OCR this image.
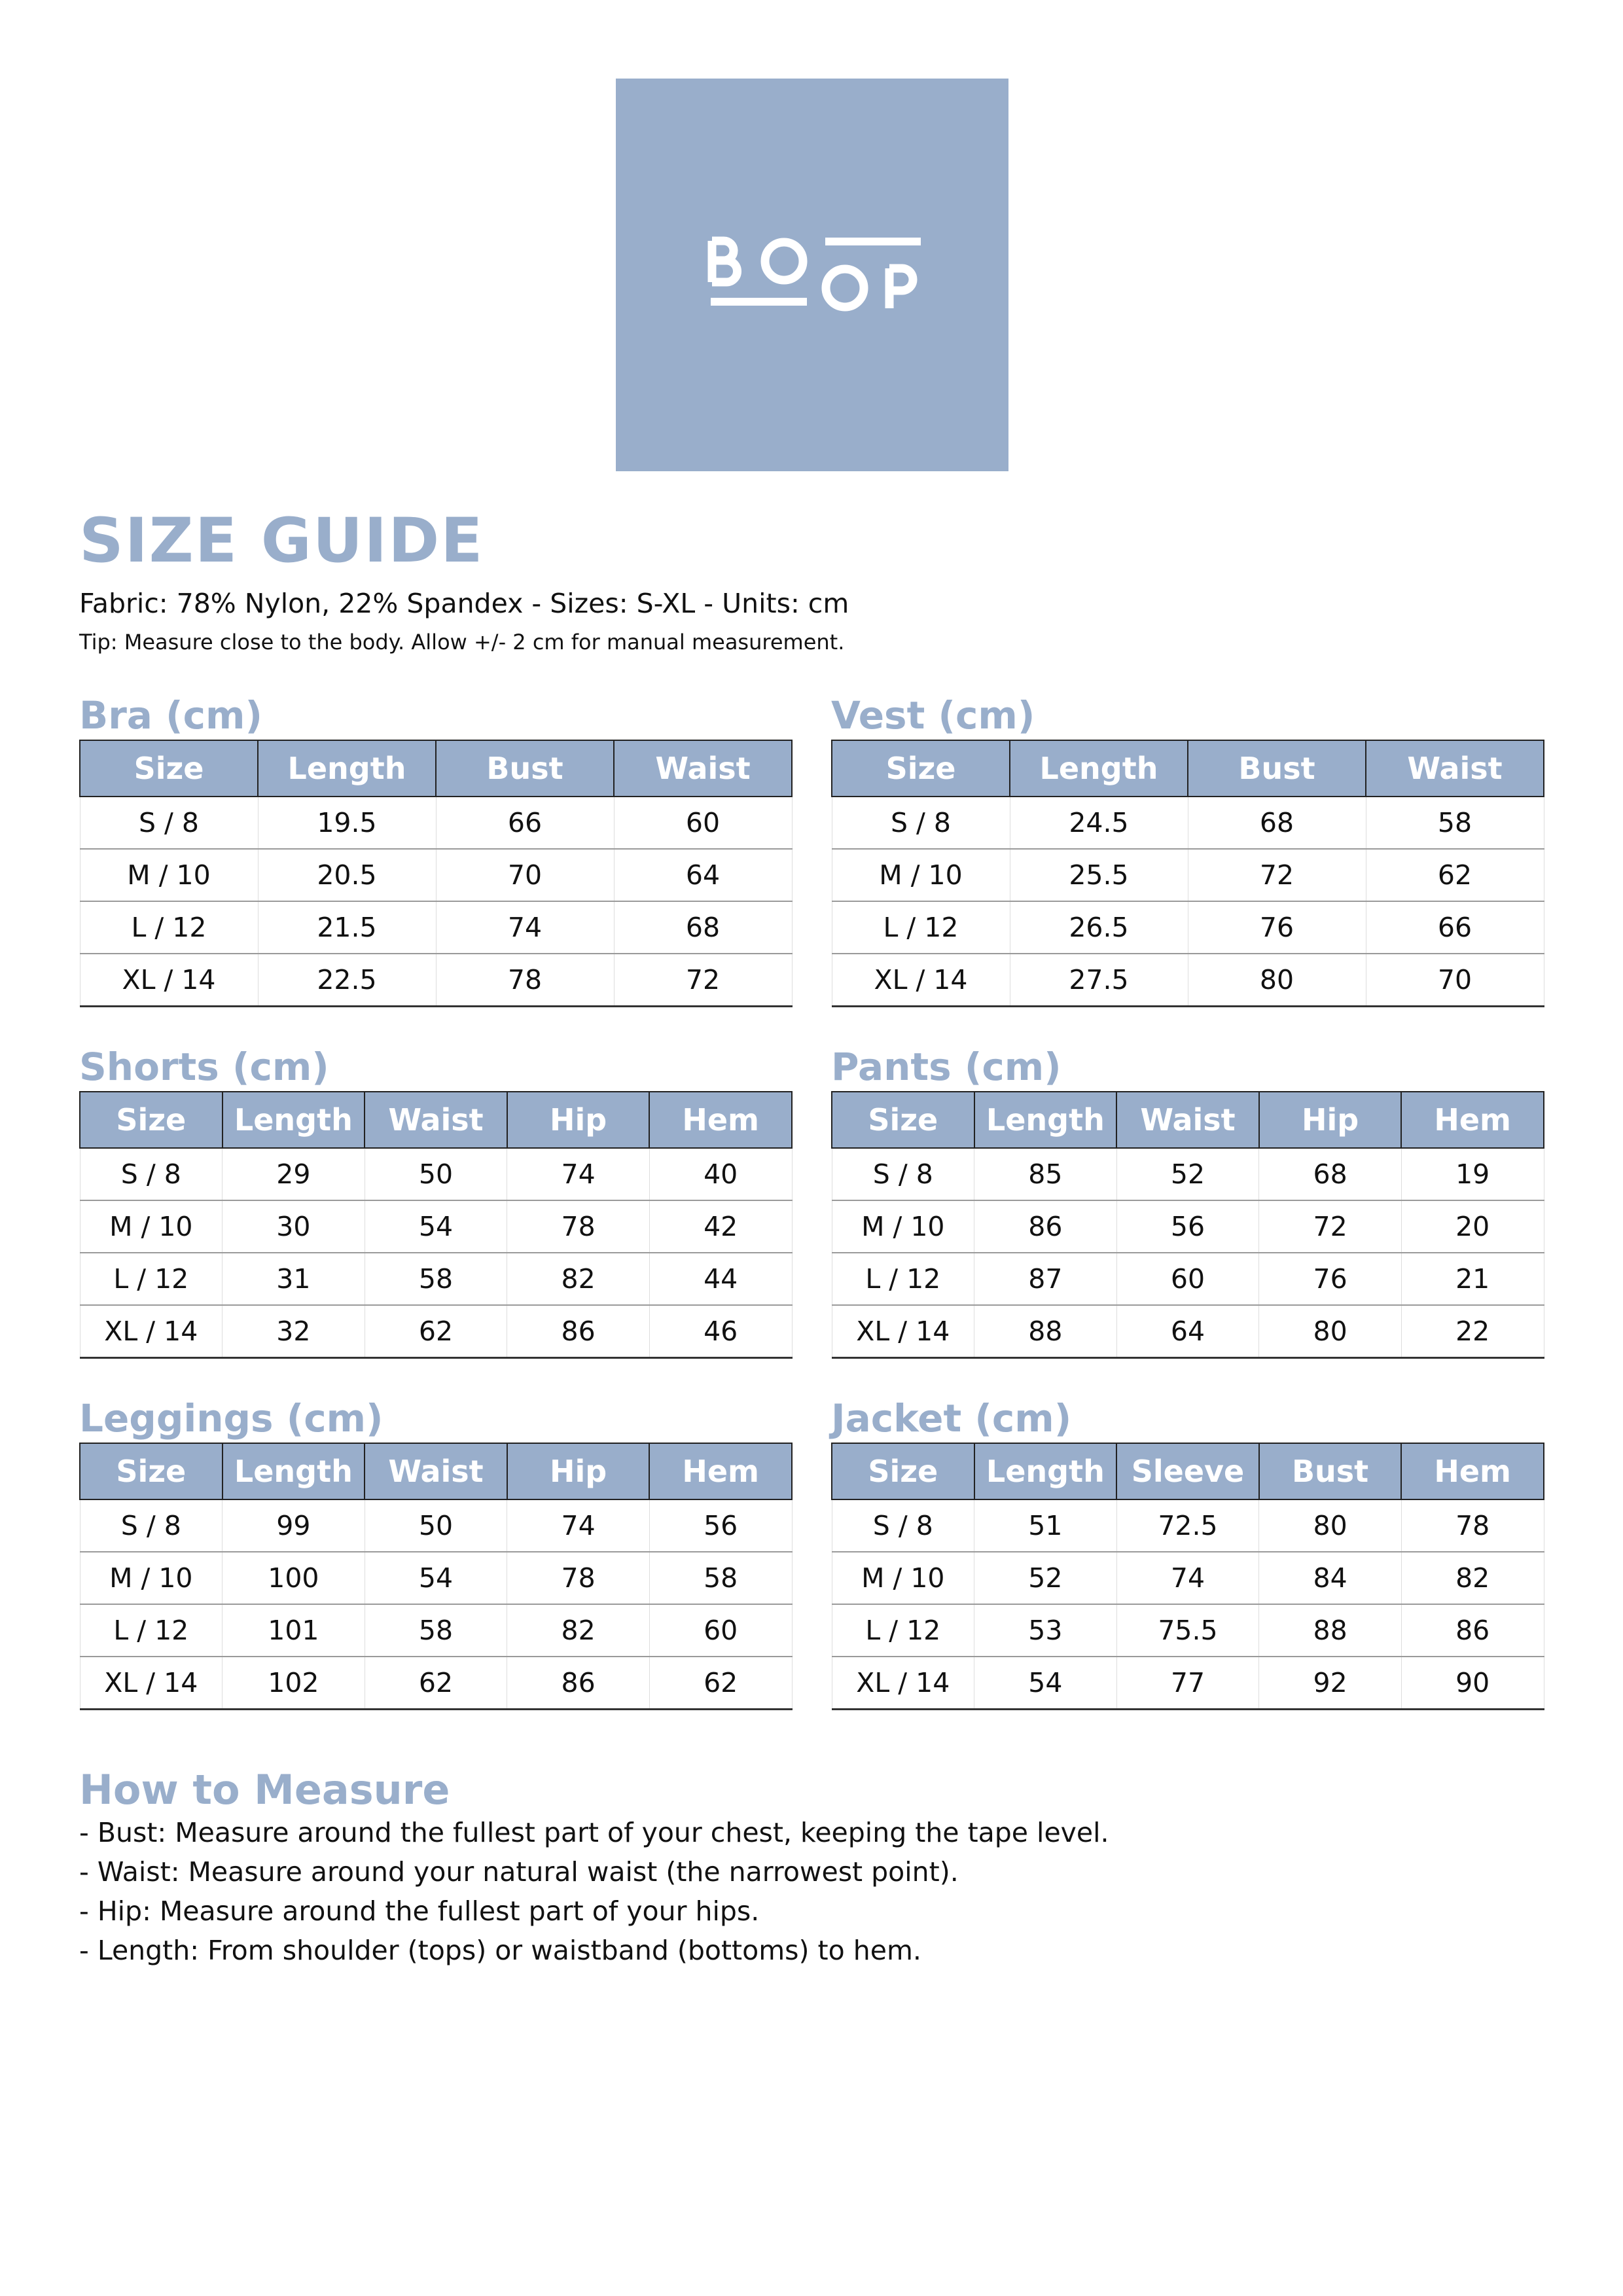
SIZE GUIDE
Fabric: 78% Nylon, 22% Spandex - Sizes: S-XL - Units: cm
Tip: Measure close to the body. Allow +/- 2 cm for manual measurement.
Bra (cm)
Size	Length	Bust	Waist
S / 8	19.5	66	60
M / 10	20.5	70	64
L / 12	21.5	74	68
XL / 14	22.5	78	72
Vest (cm)
Size	Length	Bust	Waist
S / 8	24.5	68	58
M / 10	25.5	72	62
L / 12	26.5	76	66
XL / 14	27.5	80	70
Shorts (cm)
Size	Length	Waist	Hip	Hem
S / 8	29	50	74	40
M / 10	30	54	78	42
L / 12	31	58	82	44
XL / 14	32	62	86	46
Pants (cm)
Size	Length	Waist	Hip	Hem
S / 8	85	52	68	19
M / 10	86	56	72	20
L / 12	87	60	76	21
XL / 14	88	64	80	22
Leggings (cm)
Size	Length	Waist	Hip	Hem
S / 8	99	50	74	56
M / 10	100	54	78	58
L / 12	101	58	82	60
XL / 14	102	62	86	62
Jacket (cm)
Size	Length	Sleeve	Bust	Hem
S / 8	51	72.5	80	78
M / 10	52	74	84	82
L / 12	53	75.5	88	86
XL / 14	54	77	92	90
How to Measure
- Bust: Measure around the fullest part of your chest, keeping the tape level.
- Waist: Measure around your natural waist (the narrowest point).
- Hip: Measure around the fullest part of your hips.
- Length: From shoulder (tops) or waistband (bottoms) to hem.
